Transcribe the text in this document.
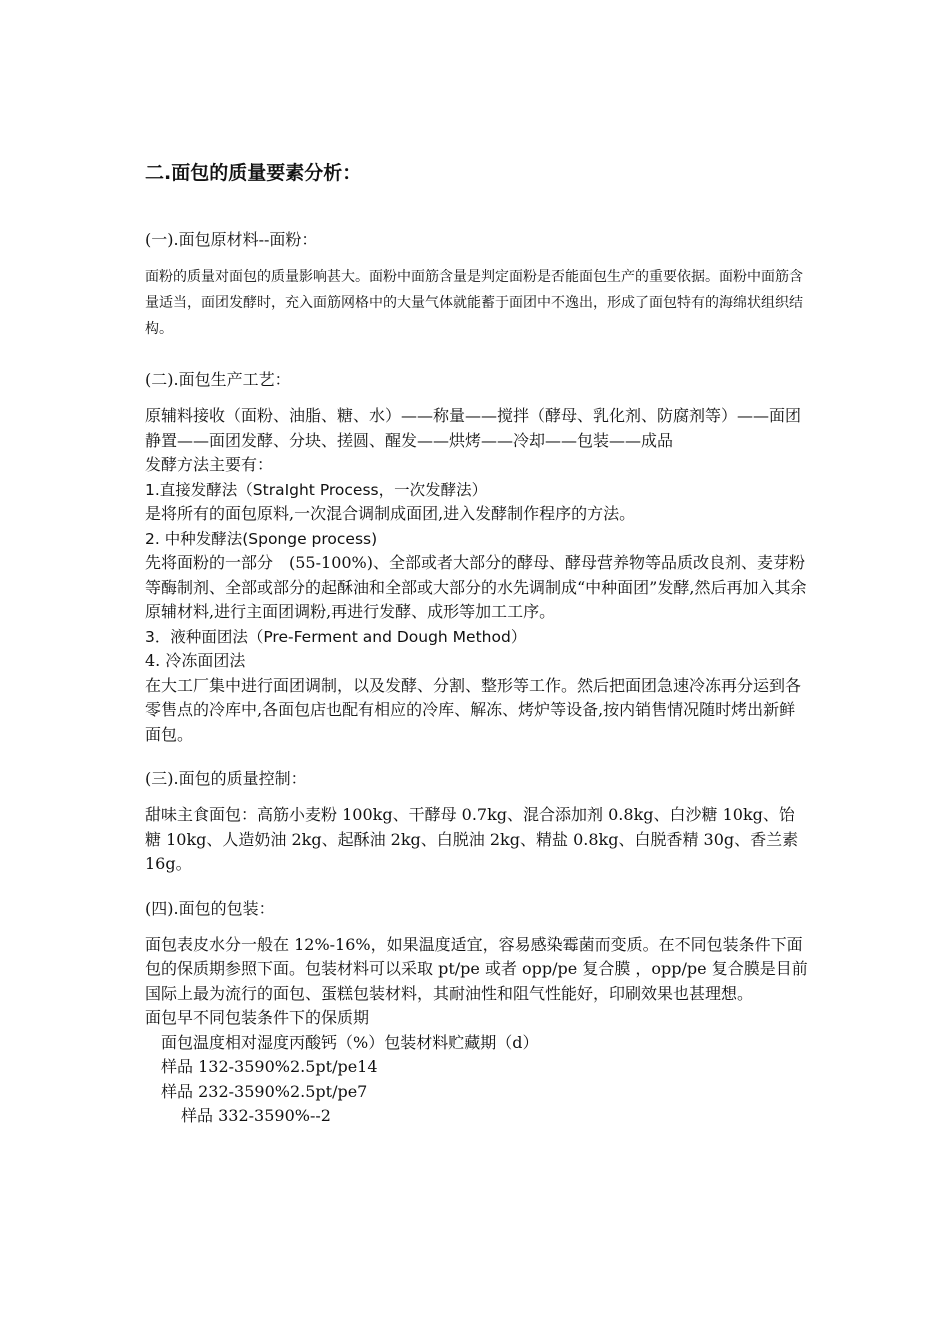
二.面包的质量要素分析：
(一).面包原材料--面粉：
面粉的质量对面包的质量影响甚大。面粉中面筋含量是判定面粉是否能面包生产的重要依据。面粉中面筋含量适当，面团发酵时，充入面筋网格中的大量气体就能蓄于面团中不逸出，形成了面包特有的海绵状组织结构。
(二).面包生产工艺：
原辅料接收（面粉、油脂、糖、水）——称量——搅拌（酵母、乳化剂、防腐剂等）——面团静置——面团发酵、分块、搓圆、醒发——烘烤——冷却——包装——成品
发酵方法主要有：
1.直接发酵法（StraIght Process，一次发酵法）
是将所有的面包原料,一次混合调制成面团,进入发酵制作程序的方法。
2. 中种发酵法(Sponge process)
先将面粉的一部分　(55-100%)、全部或者大部分的酵母、酵母营养物等品质改良剂、麦芽粉等酶制剂、全部或部分的起酥油和全部或大部分的水先调制成“中种面团”发酵,然后再加入其余原辅材料,进行主面团调粉,再进行发酵、成形等加工工序。
3．液种面团法（Pre-Ferment and Dough Method）
4. 冷冻面团法
在大工厂集中进行面团调制，以及发酵、分割、整形等工作。然后把面团急速冷冻再分运到各零售点的冷库中,各面包店也配有相应的冷库、解冻、烤炉等设备,按内销售情况随时烤出新鲜面包。
(三).面包的质量控制：
甜味主食面包：高筋小麦粉 100kg、干酵母 0.7kg、混合添加剂 0.8kg、白沙糖 10kg、饴糖 10kg、人造奶油 2kg、起酥油 2kg、白脱油 2kg、精盐 0.8kg、白脱香精 30g、香兰素 16g。
(四).面包的包装：
面包表皮水分一般在 12%-16%，如果温度适宜，容易感染霉菌而变质。在不同包装条件下面包的保质期参照下面。包装材料可以采取 pt/pe 或者 opp/pe 复合膜 ，opp/pe 复合膜是目前国际上最为流行的面包、蛋糕包装材料，其耐油性和阻气性能好，印刷效果也甚理想。
面包早不同包装条件下的保质期
面包温度相对湿度丙酸钙（%）包装材料贮藏期（d）
样品 132-3590%2.5pt/pe14
样品 232-3590%2.5pt/pe7
样品 332-3590%--2
